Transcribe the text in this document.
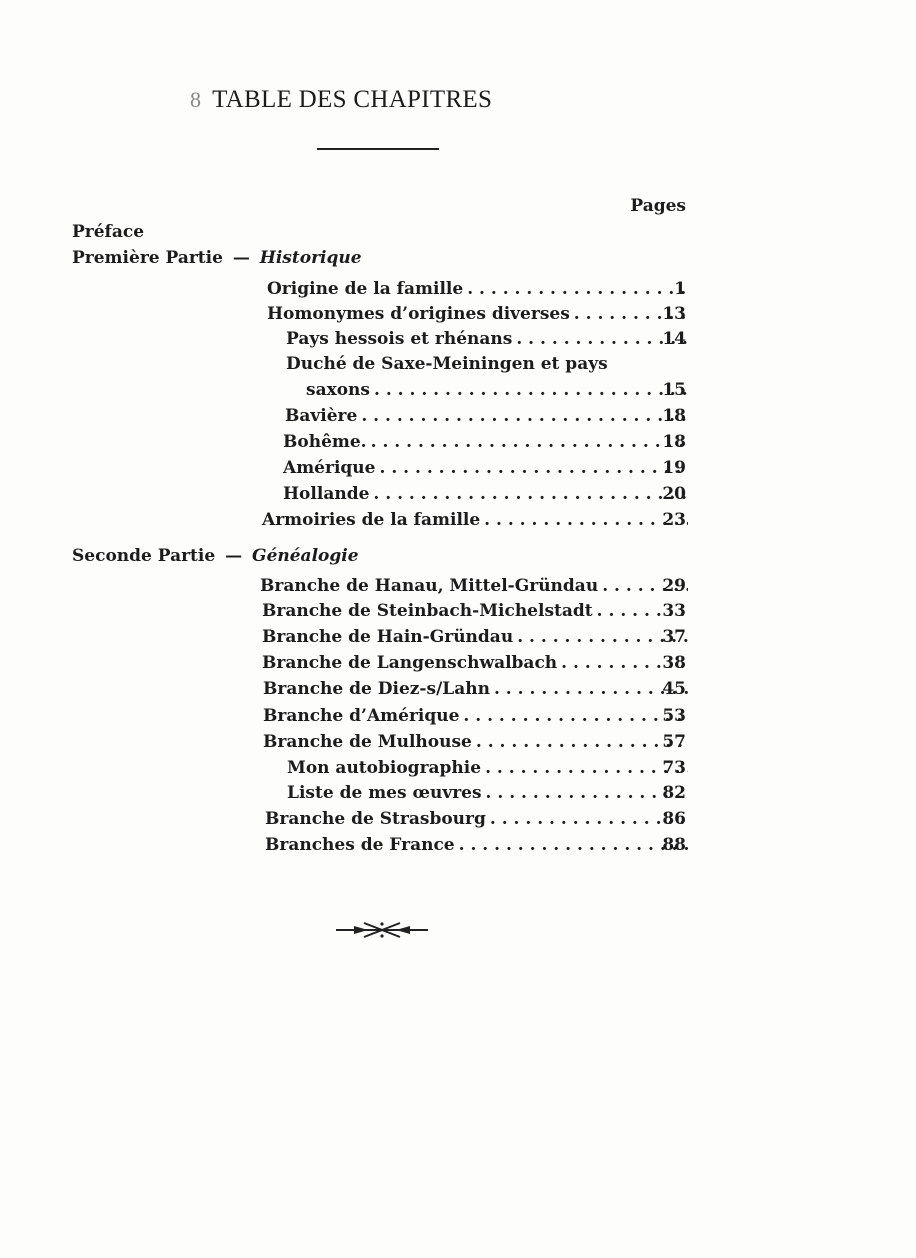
8 TABLE DES CHAPITRES
Pages
Préface
Première Partie — Historique
Origine de la famille . . .	1
Homonymes d’origines diverses . . .	13
Pays hessois et rhénans . . .	14
Duché de Saxe-Meiningen et pays
saxons . . .	15
Bavière . . .	18
Bohême. . . .	18
Amérique . . .	19
Hollande . . .	20
Armoiries de la famille . . .	23
Seconde Partie — Généalogie
Branche de Hanau, Mittel-Gründau . . .	29
Branche de Steinbach-Michelstadt . . .	33
Branche de Hain-Gründau . . .	37
Branche de Langenschwalbach . . .	38
Branche de Diez-s/Lahn . . .	45
Branche d’Amérique . . .	53
Branche de Mulhouse . . .	57
Mon autobiographie . . .	73
Liste de mes œuvres . . .	82
Branche de Strasbourg . . .	86
Branches de France . . .	88
